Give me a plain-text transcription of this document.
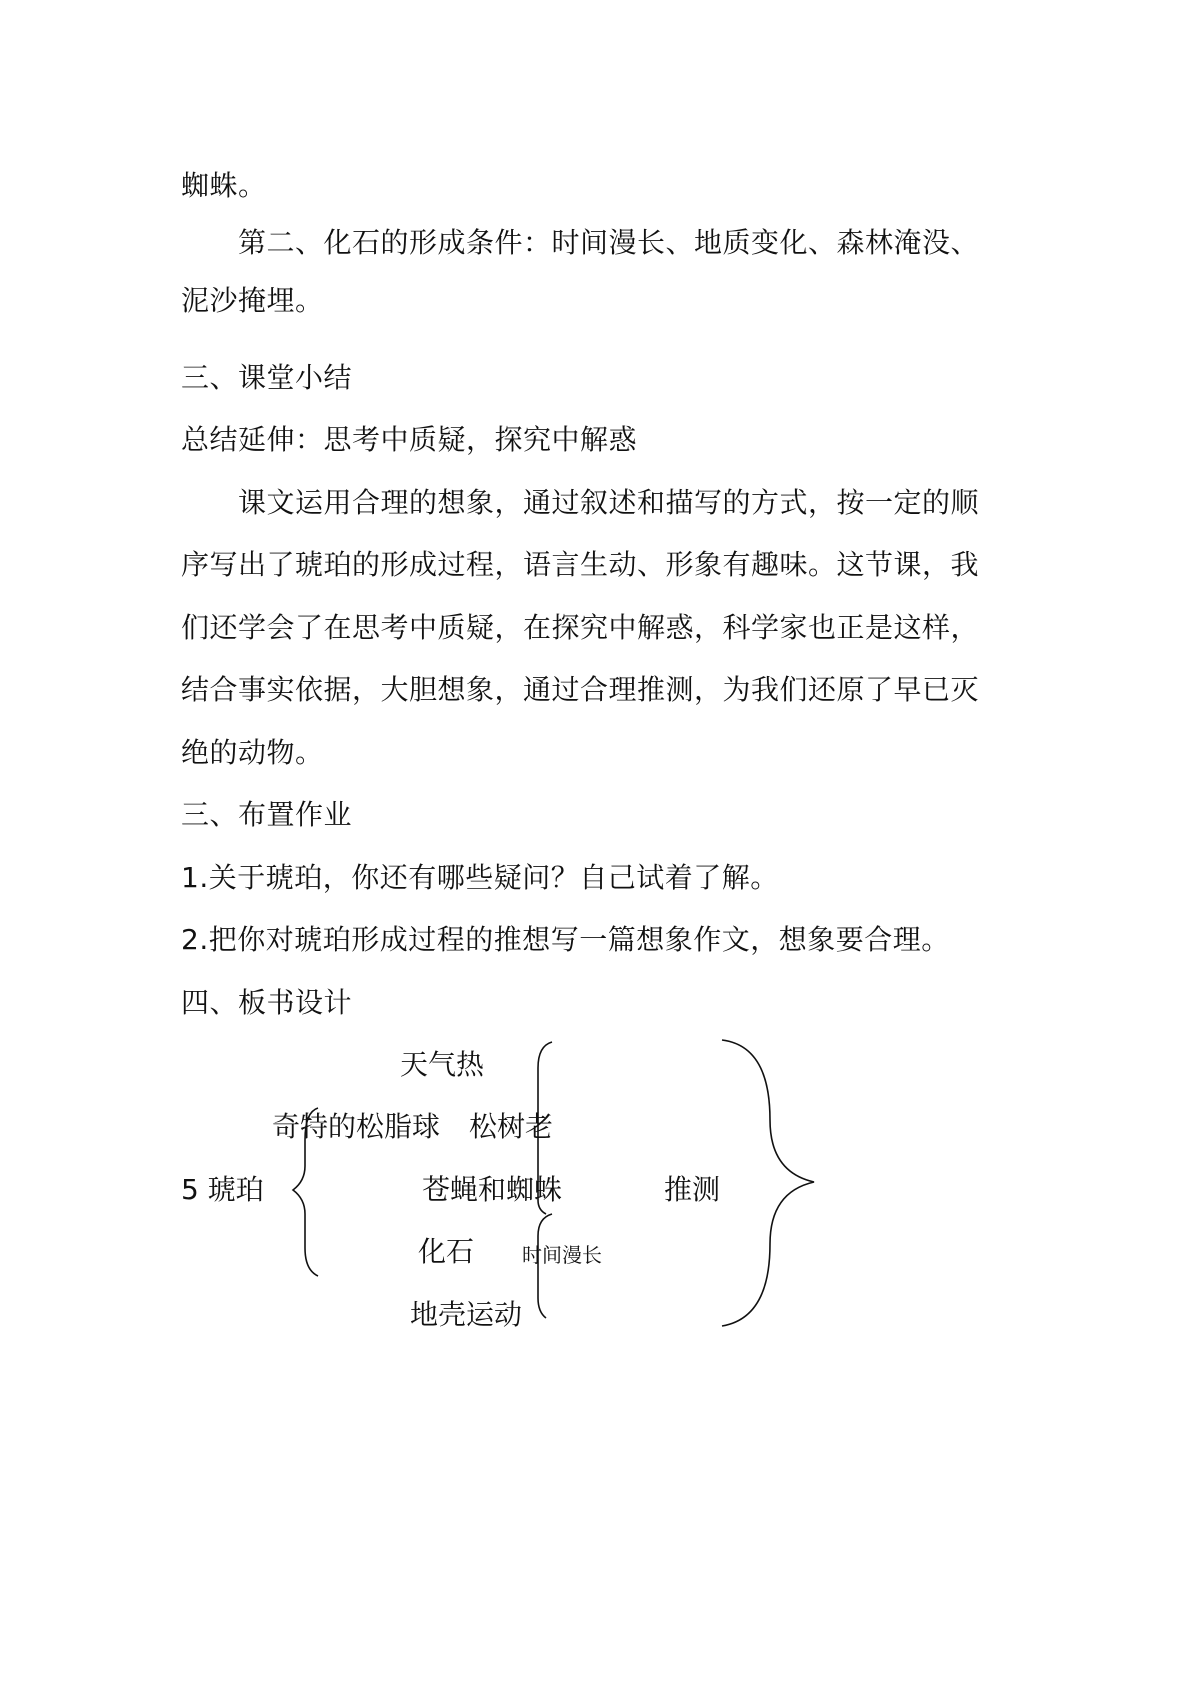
蜘蛛。
第二、化石的形成条件：时间漫长、地质变化、森林淹没、
泥沙掩埋。
三、课堂小结
总结延伸：思考中质疑，探究中解惑
课文运用合理的想象，通过叙述和描写的方式，按一定的顺
序写出了琥珀的形成过程，语言生动、形象有趣味。这节课，我
们还学会了在思考中质疑，在探究中解惑，科学家也正是这样，
结合事实依据，大胆想象，通过合理推测，为我们还原了早已灭
绝的动物。
三、布置作业
1.关于琥珀，你还有哪些疑问？自己试着了解。
2.把你对琥珀形成过程的推想写一篇想象作文，想象要合理。
四、板书设计
天气热
奇特的松脂球 松树老
5 琥珀	苍蝇和蜘蛛	推测
化石 时间漫长
地壳运动
